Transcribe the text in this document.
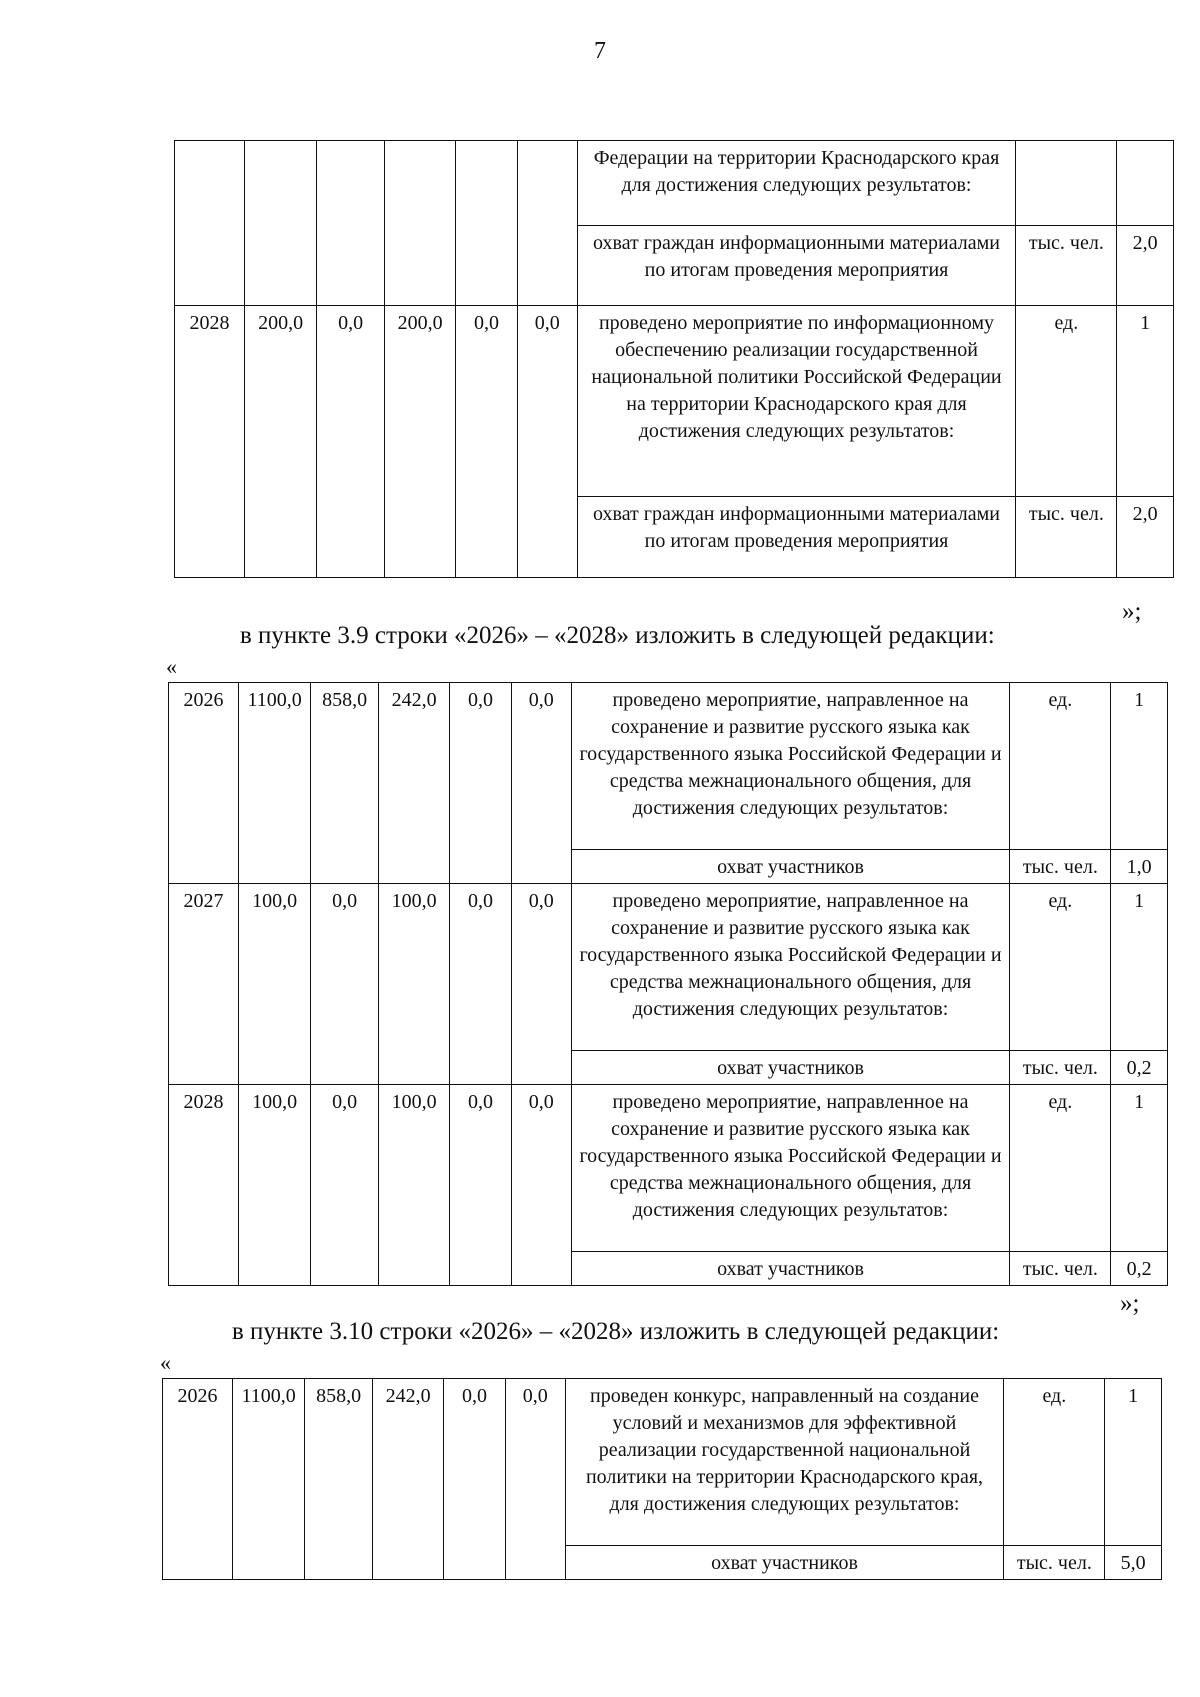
7
						Федерации на территории Краснодарского края для достижения следующих результатов:		
						охват граждан информационными материалами по итогам проведения мероприятия	тыс. чел.	2,0
2028	200,0	0,0	200,0	0,0	0,0	проведено мероприятие по информационному обеспечению реализации государственной национальной политики Российской Федерации на территории Краснодарского края для достижения следующих результатов:	ед.	1
						охват граждан информационными материалами по итогам проведения мероприятия	тыс. чел.	2,0
»;
в пункте 3.9 строки «2026» – «2028» изложить в следующей редакции:
«
2026	1100,0	858,0	242,0	0,0	0,0	проведено мероприятие, направленное на сохранение и развитие русского языка как государственного языка Российской Федерации и средства межнационального общения, для достижения следующих результатов:	ед.	1
						охват участников	тыс. чел.	1,0
2027	100,0	0,0	100,0	0,0	0,0	проведено мероприятие, направленное на сохранение и развитие русского языка как государственного языка Российской Федерации и средства межнационального общения, для достижения следующих результатов:	ед.	1
						охват участников	тыс. чел.	0,2
2028	100,0	0,0	100,0	0,0	0,0	проведено мероприятие, направленное на сохранение и развитие русского языка как государственного языка Российской Федерации и средства межнационального общения, для достижения следующих результатов:	ед.	1
						охват участников	тыс. чел.	0,2
»;
в пункте 3.10 строки «2026» – «2028» изложить в следующей редакции:
«
2026	1100,0	858,0	242,0	0,0	0,0	проведен конкурс, направленный на создание условий и механизмов для эффективной реализации государственной национальной политики на территории Краснодарского края, для достижения следующих результатов:	ед.	1
						охват участников	тыс. чел.	5,0
